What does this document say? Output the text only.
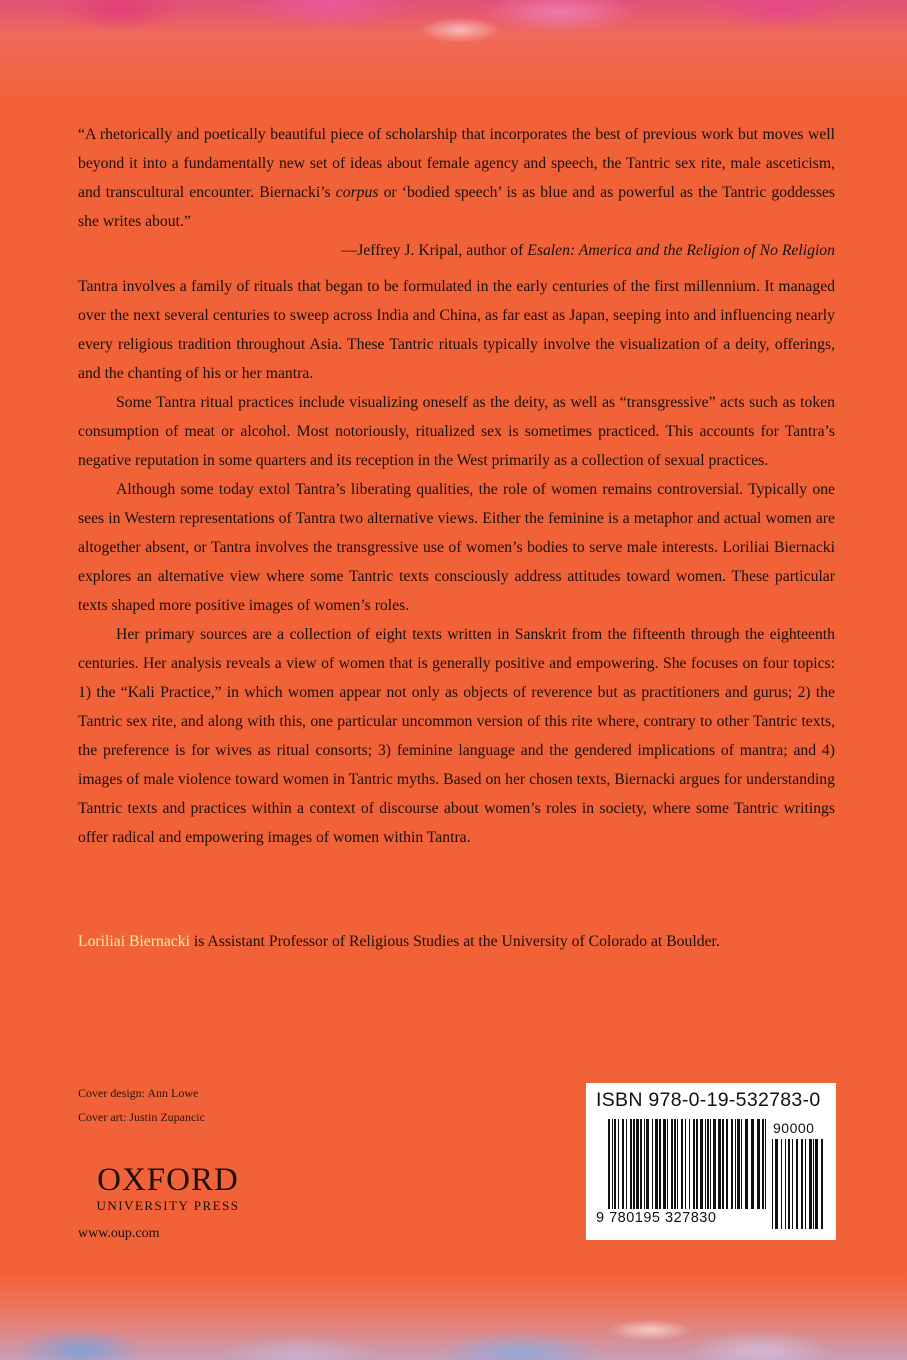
“A rhetorically and poetically beautiful piece of scholarship that incorporates the best of previous work but moves well beyond it into a fundamentally new set of ideas about female agency and speech, the Tantric sex rite, male asceticism, and transcultural encounter. Biernacki’s corpus or ‘bodied speech’ is as blue and as powerful as the Tantric goddesses she writes about.”

—Jeffrey J. Kripal, author of Esalen: America and the Religion of No Religion

Tantra involves a family of rituals that began to be formulated in the early centuries of the first millennium. It managed over the next several centuries to sweep across India and China, as far east as Japan, seeping into and influencing nearly every religious tradition throughout Asia. These Tantric rituals typically involve the visualization of a deity, offerings, and the chanting of his or her mantra.

Some Tantra ritual practices include visualizing oneself as the deity, as well as “transgressive” acts such as token consumption of meat or alcohol. Most notoriously, ritualized sex is sometimes practiced. This accounts for Tantra’s negative reputation in some quarters and its reception in the West primarily as a collection of sexual practices.

Although some today extol Tantra’s liberating qualities, the role of women remains controversial. Typically one sees in Western representations of Tantra two alternative views. Either the feminine is a metaphor and actual women are altogether absent, or Tantra involves the transgressive use of women’s bodies to serve male interests. Loriliai Biernacki explores an alternative view where some Tantric texts consciously address attitudes toward women. These particular texts shaped more positive images of women’s roles.

Her primary sources are a collection of eight texts written in Sanskrit from the fifteenth through the eighteenth centuries. Her analysis reveals a view of women that is generally positive and empowering. She focuses on four topics: 1) the “Kali Practice,” in which women appear not only as objects of reverence but as practitioners and gurus; 2) the Tantric sex rite, and along with this, one particular uncommon version of this rite where, contrary to other Tantric texts, the preference is for wives as ritual consorts; 3) feminine language and the gendered implications of mantra; and 4) images of male violence toward women in Tantric myths. Based on her chosen texts, Biernacki argues for understanding Tantric texts and practices within a context of discourse about women’s roles in society, where some Tantric writings offer radical and empowering images of women within Tantra.

Loriliai Biernacki is Assistant Professor of Religious Studies at the University of Colorado at Boulder.

Cover design: Ann Lowe
Cover art: Justin Zupancic
OXFORD
UNIVERSITY PRESS
www.oup.com
ISBN 978-0-19-532783-0
90000
9 780195 327830
